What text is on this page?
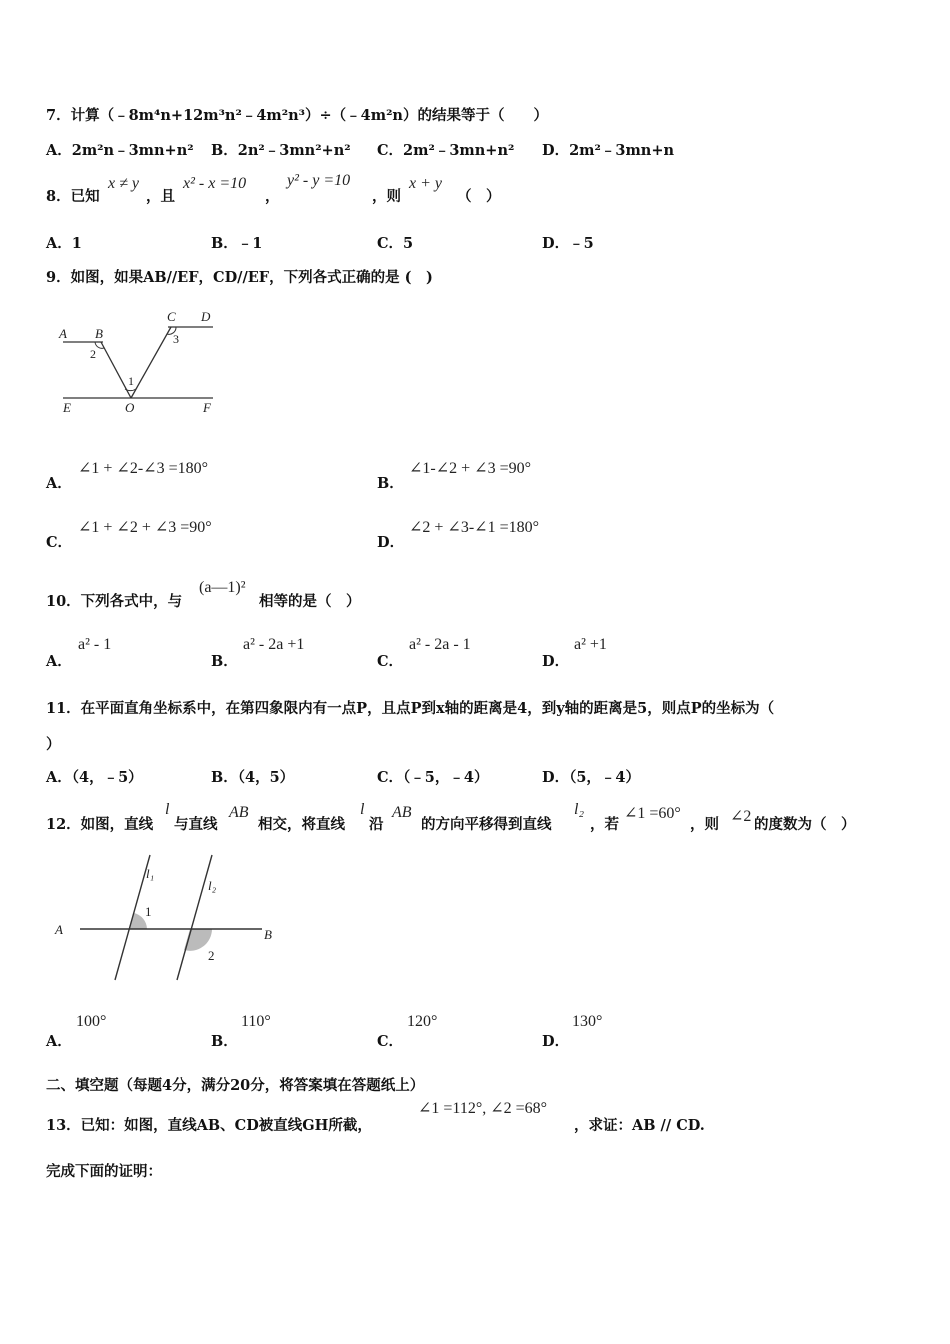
7．计算（﹣8m⁴n+12m³n²﹣4m²n³）÷（﹣4m²n）的结果等于（　　）
A．2m²n﹣3mn+n² B．2n²﹣3mn²+n² C．2m²﹣3mn+n² D．2m²﹣3mn+n
8．已知
x ≠ y
，且
x² - x =10
，
y² - y =10
，则
x + y
（　）
A．1	B．﹣1	C．5	D．﹣5
9．如图，如果AB//EF，CD//EF，下列各式正确的是 (　)
A B
C D
E	O	F
1
2
3
A．
∠1 + ∠2-∠3 =180°
B．
∠1-∠2 + ∠3 =90°
C．
∠1 + ∠2 + ∠3 =90°
D．
∠2 + ∠3-∠1 =180°
10．下列各式中，与
(a—1)²
相等的是（　）
A．
a² - 1
B．
a² - 2a +1
C．
a² - 2a - 1
D．
a² +1
11．在平面直角坐标系中，在第四象限内有一点P，且点P到x轴的距离是4，到y轴的距离是5，则点P的坐标为（
）
A．（4，﹣5）	B．（4，5）	C．（﹣5，﹣4）	D．（5，﹣4）
12．如图，直线
l
与直线
AB
相交，将直线
l
沿
AB
的方向平移得到直线
l₂
，若
∠1 =60°
，则 ∠2 的度数为（　）
l₁
l₂
A	B
1
2
A．
100°
B．
110°
C．
120°
D．
130°
二、填空题（每题4分，满分20分，将答案填在答题纸上）
13．已知：如图，直线AB、CD被直线GH所截，
∠1 =112°, ∠2 =68°
，求证：AB // CD.
完成下面的证明：
